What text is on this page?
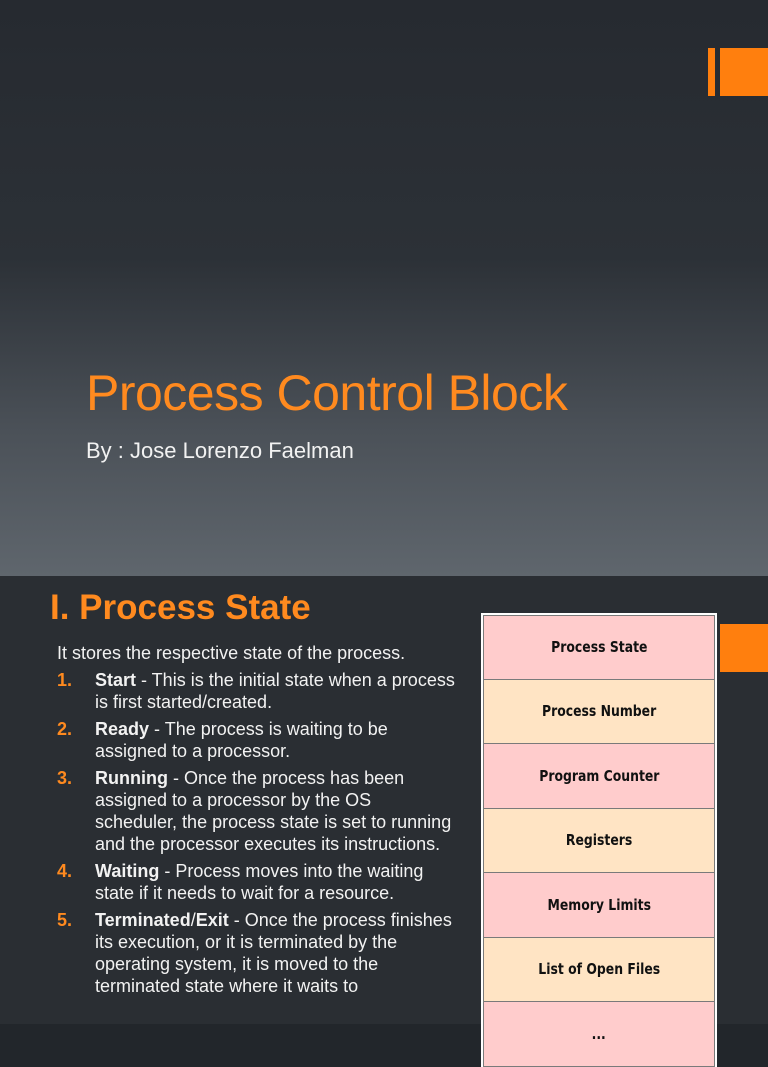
Process Control Block
By : Jose Lorenzo Faelman
I. Process State
It stores the respective state of the process.
1. Start - This is the initial state when a process is first started/created.
2. Ready - The process is waiting to be assigned to a processor.
3. Running - Once the process has been assigned to a processor by the OS scheduler, the process state is set to running and the processor executes its instructions.
4. Waiting - Process moves into the waiting state if it needs to wait for a resource.
5. Terminated/Exit - Once the process finishes its execution, or it is terminated by the operating system, it is moved to the terminated state where it waits to
Process State
Process Number
Program Counter
Registers
Memory Limits
List of Open Files
...
